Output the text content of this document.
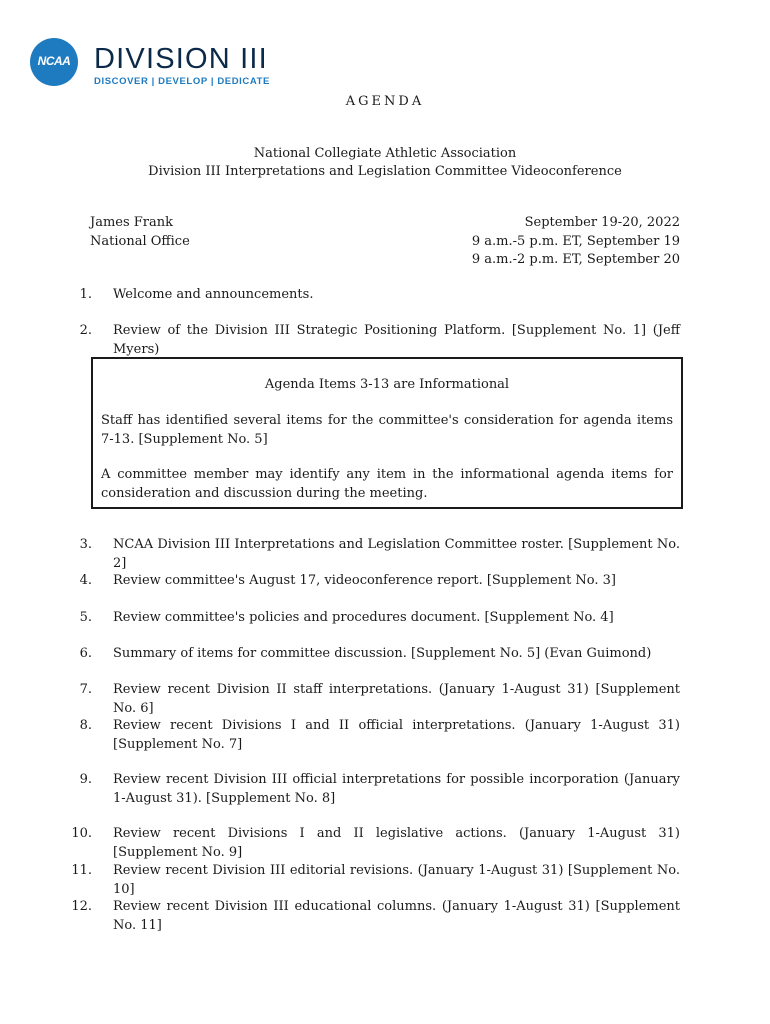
NCAA DIVISION III
DISCOVER | DEVELOP | DEDICATE
AGENDA
National Collegiate Athletic Association
Division III Interpretations and Legislation Committee Videoconference
James Frank
National Office
September 19-20, 2022
9 a.m.-5 p.m. ET, September 19
9 a.m.-2 p.m. ET, September 20
1. Welcome and announcements.
2. Review of the Division III Strategic Positioning Platform. [Supplement No. 1] (Jeff Myers)
Agenda Items 3-13 are Informational
Staff has identified several items for the committee's consideration for agenda items 7-13. [Supplement No. 5]
A committee member may identify any item in the informational agenda items for consideration and discussion during the meeting.
3. NCAA Division III Interpretations and Legislation Committee roster. [Supplement No. 2]
4. Review committee's August 17, videoconference report. [Supplement No. 3]
5. Review committee's policies and procedures document. [Supplement No. 4]
6. Summary of items for committee discussion. [Supplement No. 5] (Evan Guimond)
7. Review recent Division II staff interpretations. (January 1-August 31) [Supplement No. 6]
8. Review recent Divisions I and II official interpretations. (January 1-August 31) [Supplement No. 7]
9. Review recent Division III official interpretations for possible incorporation (January 1-August 31). [Supplement No. 8]
10. Review recent Divisions I and II legislative actions. (January 1-August 31) [Supplement No. 9]
11. Review recent Division III editorial revisions. (January 1-August 31) [Supplement No. 10]
12. Review recent Division III educational columns. (January 1-August 31) [Supplement No. 11]
